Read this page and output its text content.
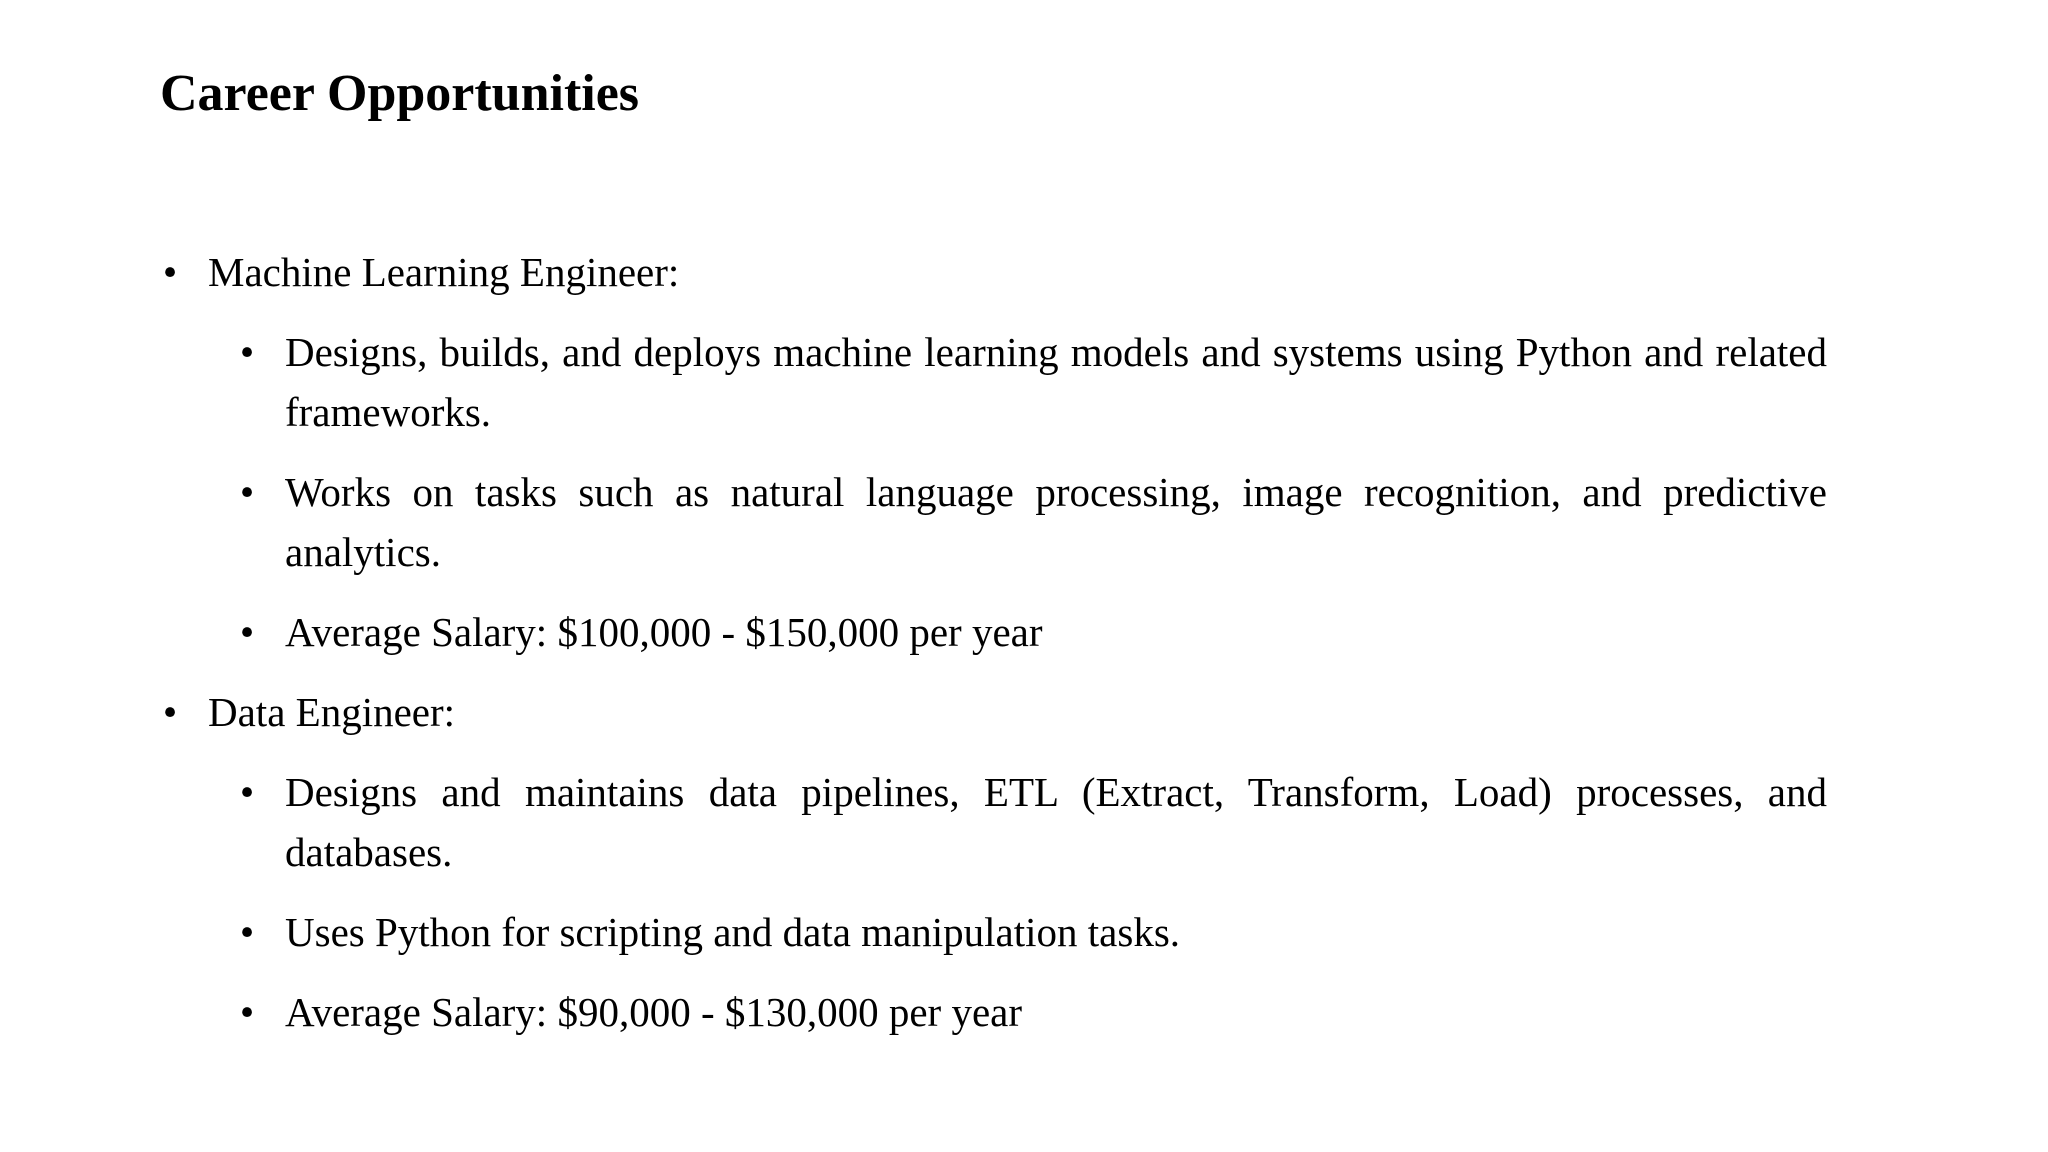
Career Opportunities
• Machine Learning Engineer:
• Designs, builds, and deploys machine learning models and systems using Python and related frameworks.
• Works on tasks such as natural language processing, image recognition, and predictive analytics.
• Average Salary: $100,000 - $150,000 per year
• Data Engineer:
• Designs and maintains data pipelines, ETL (Extract, Transform, Load) processes, and databases.
• Uses Python for scripting and data manipulation tasks.
• Average Salary: $90,000 - $130,000 per year
